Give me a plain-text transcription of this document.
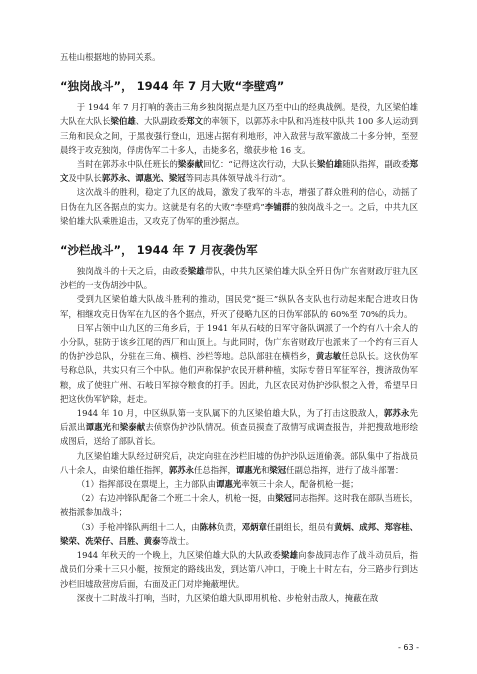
五桂山根据地的协同关系。

“独岗战斗”， 1944 年 7 月大败“李壁鸡”

于 1944 年 7 月打响的袭击三角乡独岗据点是九区乃至中山的经典战例。是役，九区梁伯雄大队在大队长梁伯雄、大队副政委郑文的率领下，以郭苏永中队和冯连枝中队共 100 多人运动到三角和民众之间，于黑夜强行登山，迅速占据有利地形，冲入敌营与敌军激战二十多分钟，至翌晨终于攻克独岗，俘虏伪军二十多人，击毙多名，缴获步枪 16 支。

当时在郭苏永中队任班长的梁泰献回忆：“记得这次行动，大队长梁伯雄随队指挥，副政委郑文及中队长郭苏永、谭惠光、梁冠等同志具体领导战斗行动”。

这次战斗的胜利，稳定了九区的战局，激发了我军的斗志，增强了群众胜利的信心，动摇了日伪在九区各据点的实力。这就是有名的大败“李壁鸡”李铺群的独岗战斗之一。之后，中共九区梁伯雄大队乘胜追击，又攻克了伪军的重沙据点。

“沙栏战斗”， 1944 年 7 月夜袭伪军

独岗战斗的十天之后，由政委梁雄带队，中共九区梁伯雄大队全歼日伪广东省财政厅驻九区沙栏的一支伪胡沙中队。

受到九区梁伯雄大队战斗胜利的推动，国民党“挺三”纵队各支队也行动起来配合进攻日伪军，相继攻克日伪军在九区的各个据点，歼灭了侵略九区的日伪军部队的 60%至 70%的兵力。

日军占领中山九区的三角乡后，于 1941 年从石岐的日军守备队调派了一个约有八十余人的小分队，驻防于该乡江尾的西厂和山顶上。与此同时，伪广东省财政厅也派来了一个约有三百人的伪护沙总队，分驻在三角、横档、沙栏等地。总队部驻在横档乡，黄志敏任总队长。这伙伪军号称总队，共实只有三个中队。他们声称保护农民开耕种植，实际专替日军征军谷，搜济敌伪军粮，成了使驻广州、石岐日军掠夺粮食的打手。因此，九区农民对伪护沙队恨之入骨，希望早日把这伙伪军铲除，赶走。

1944 年 10 月，中区纵队第一支队属下的九区梁伯雄大队，为了打击这股敌人，郭苏永先后派出谭惠光和梁泰献去侦察伪护沙队情况。侦查员摸查了敌情写成调查报告，并把搜敌地形绘成图后，送给了部队首长。

九区梁伯雄大队经过研究后，决定向驻在沙栏旧墟的伪护沙队远道偷袭。部队集中了指战员八十余人，由梁伯雄任指挥，郭苏永任总指挥，谭惠光和梁冠任副总指挥，进行了战斗部署：

（1）指挥部设在票堤上，主力部队由谭惠光率领三十余人，配备机枪一挺；

（2）右边冲锋队配备二个班二十余人，机枪一挺，由梁冠同志指挥。这时我在部队当班长，被指派参加战斗；

（3）手枪冲锋队两组十二人，由陈林负责，邓炳章任副组长，组员有黄炳、成邦、郑容桂、梁荣、冼荣仔、吕胜、黄泰等战士。

1944 年秋天的一个晚上，九区梁伯雄大队的大队政委梁雄向参战同志作了战斗动员后，指战员们分乘十三只小艇，按预定的路线出发，到达第八冲口，于晚上十时左右，分三路步行到达沙栏旧墟敌营房后面，右面及正门对岸掩蔽埋伏。

深夜十二时战斗打响，当时，九区梁伯雄大队即用机枪、步枪射击敌人，掩蔽在敌

- 63 -
